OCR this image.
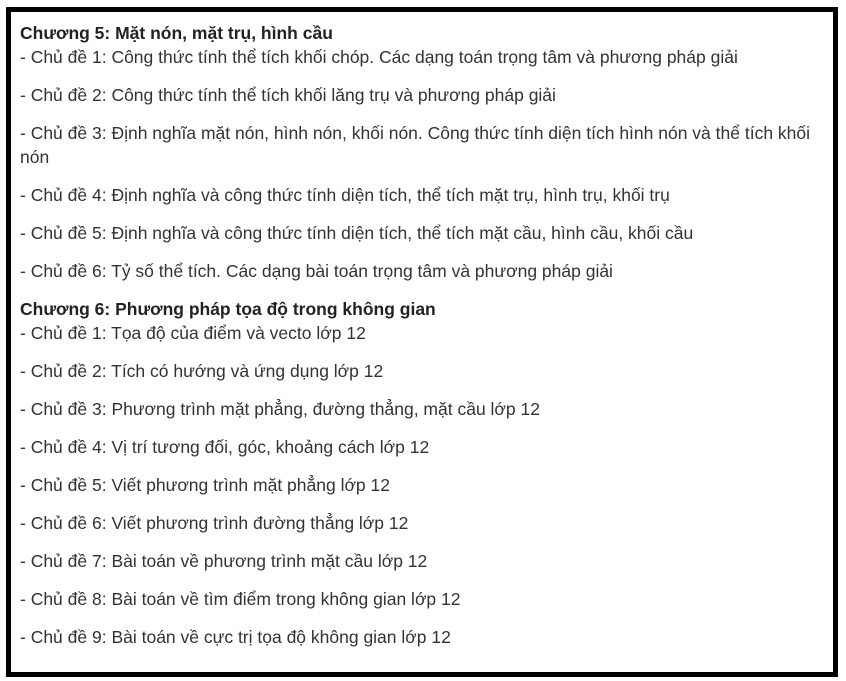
Chương 5: Mặt nón, mặt trụ, hình cầu

- Chủ đề 1: Công thức tính thể tích khối chóp. Các dạng toán trọng tâm và phương pháp giải

- Chủ đề 2: Công thức tính thể tích khối lăng trụ và phương pháp giải

- Chủ đề 3: Định nghĩa mặt nón, hình nón, khối nón. Công thức tính diện tích hình nón và thể tích khối nón

- Chủ đề 4: Định nghĩa và công thức tính diện tích, thể tích mặt trụ, hình trụ, khối trụ

- Chủ đề 5: Định nghĩa và công thức tính diện tích, thể tích mặt cầu, hình cầu, khối cầu

- Chủ đề 6: Tỷ số thể tích. Các dạng bài toán trọng tâm và phương pháp giải

Chương 6: Phương pháp tọa độ trong không gian

- Chủ đề 1: Tọa độ của điểm và vecto lớp 12

- Chủ đề 2: Tích có hướng và ứng dụng lớp 12

- Chủ đề 3: Phương trình mặt phẳng, đường thẳng, mặt cầu lớp 12

- Chủ đề 4: Vị trí tương đối, góc, khoảng cách lớp 12

- Chủ đề 5: Viết phương trình mặt phẳng lớp 12

- Chủ đề 6: Viết phương trình đường thẳng lớp 12

- Chủ đề 7: Bài toán về phương trình mặt cầu lớp 12

- Chủ đề 8: Bài toán về tìm điểm trong không gian lớp 12

- Chủ đề 9: Bài toán về cực trị tọa độ không gian lớp 12
